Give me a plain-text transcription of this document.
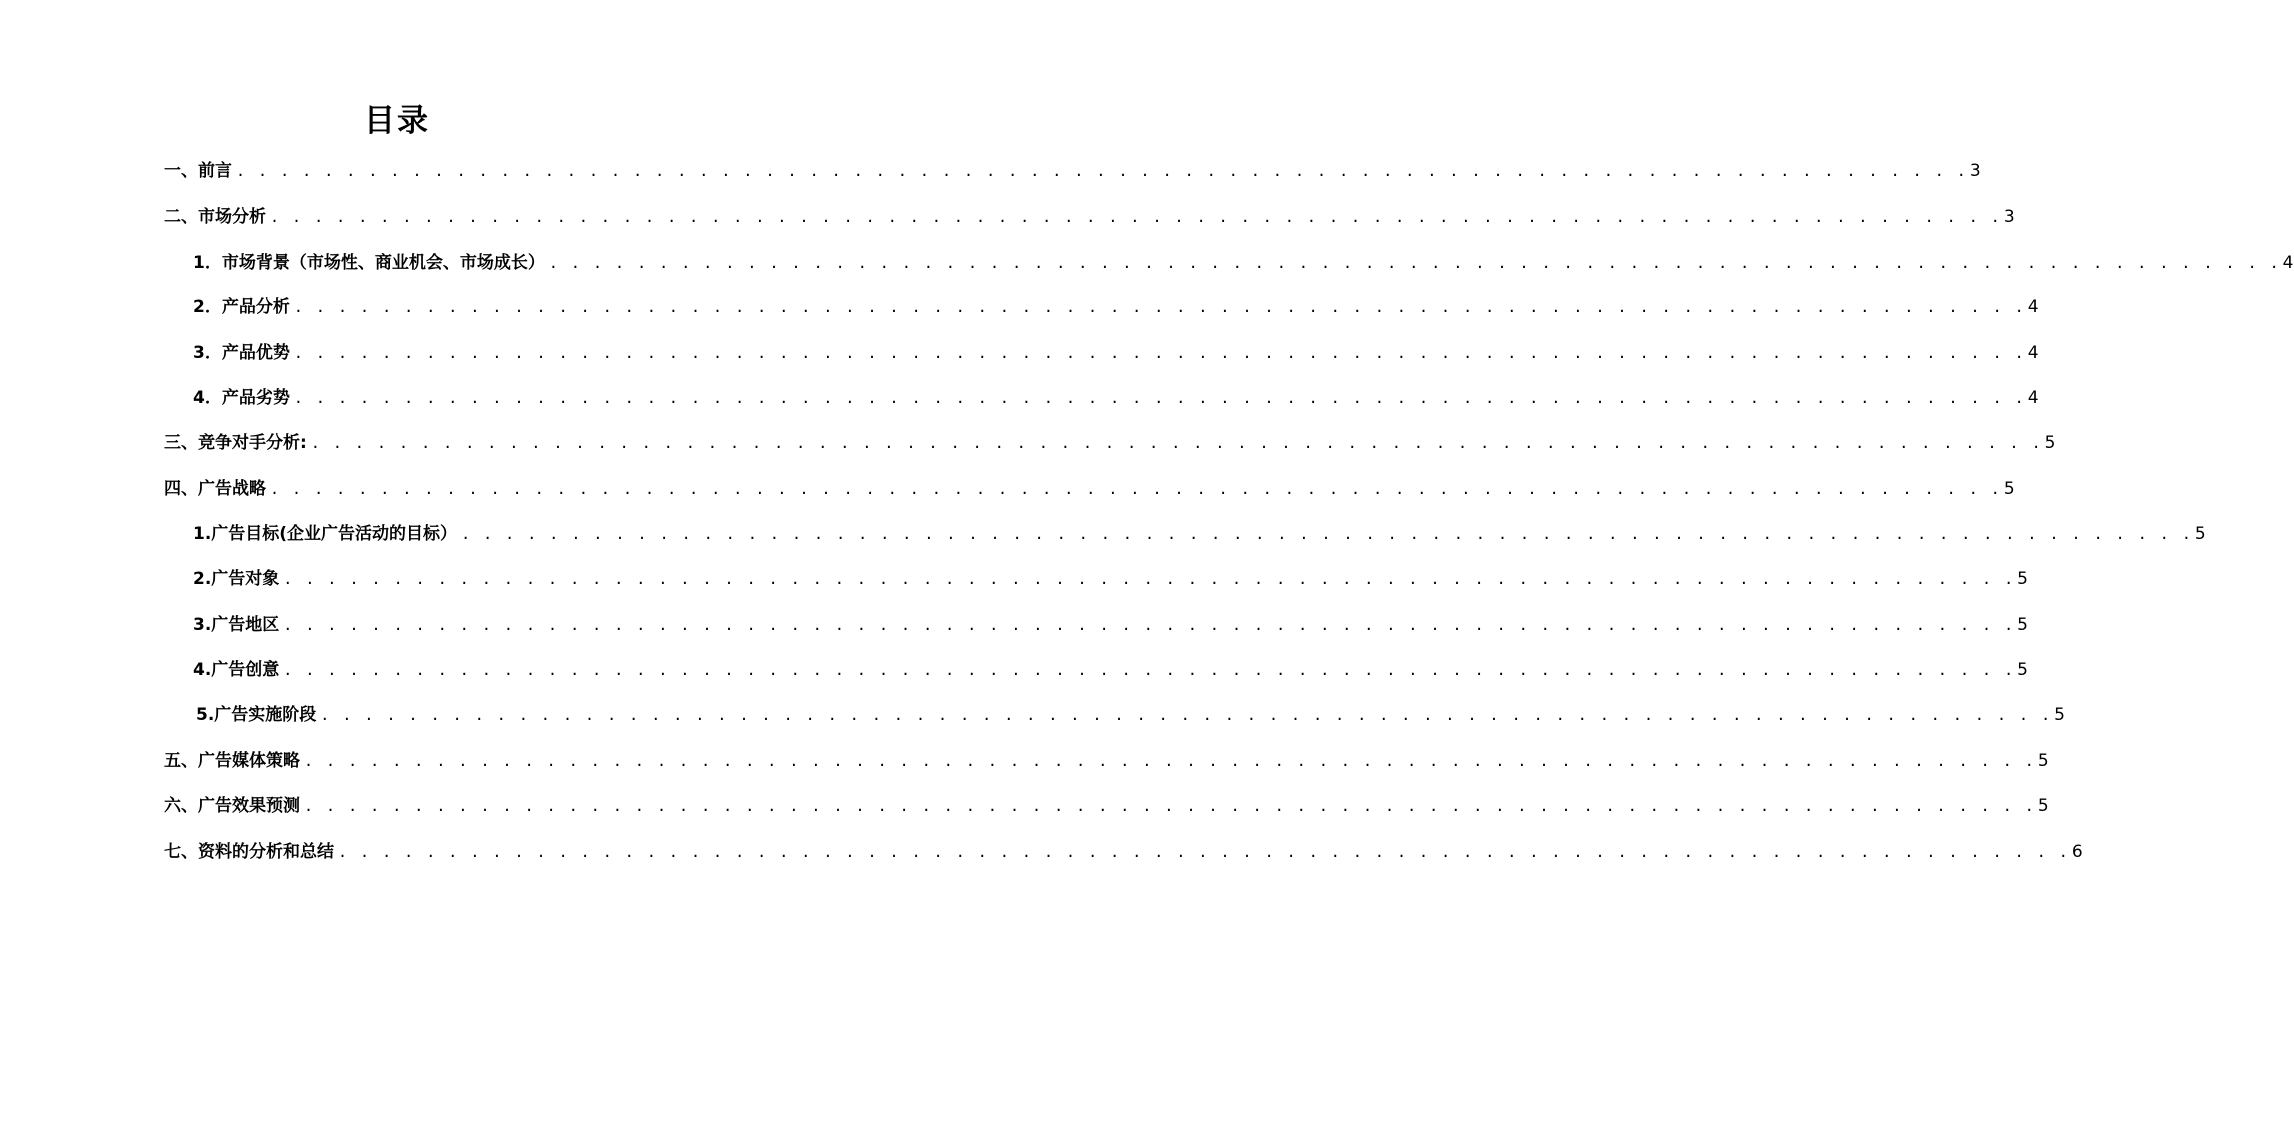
目录
一、前言 . . . . . . . . . . . . . . . . . . . . . . . . . . . . . . . . . . . . . . . . . . . . . . . . . . . . . . . . . . . . . . . . . . . . . . . . . . . . . . . 3
二、市场分析 . . . . . . . . . . . . . . . . . . . . . . . . . . . . . . . . . . . . . . . . . . . . . . . . . . . . . . . . . . . . . . . . . . . . . . . . . . . . . . . 3
1．市场背景（市场性、商业机会、市场成长） . . . . . . . . . . . . . . . . . . . . . . . . . . . . . . . . . . . . . . . . . . . . . . . . . . . . . . . . . . . . . . . . . . . . . . . . . . . . . . . 4
2．产品分析 . . . . . . . . . . . . . . . . . . . . . . . . . . . . . . . . . . . . . . . . . . . . . . . . . . . . . . . . . . . . . . . . . . . . . . . . . . . . . . . 4
3．产品优势 . . . . . . . . . . . . . . . . . . . . . . . . . . . . . . . . . . . . . . . . . . . . . . . . . . . . . . . . . . . . . . . . . . . . . . . . . . . . . . . 4
4．产品劣势 . . . . . . . . . . . . . . . . . . . . . . . . . . . . . . . . . . . . . . . . . . . . . . . . . . . . . . . . . . . . . . . . . . . . . . . . . . . . . . . 4
三、竞争对手分析: . . . . . . . . . . . . . . . . . . . . . . . . . . . . . . . . . . . . . . . . . . . . . . . . . . . . . . . . . . . . . . . . . . . . . . . . . . . . . . . 5
四、广告战略 . . . . . . . . . . . . . . . . . . . . . . . . . . . . . . . . . . . . . . . . . . . . . . . . . . . . . . . . . . . . . . . . . . . . . . . . . . . . . . . 5
1.广告目标(企业广告活动的目标） . . . . . . . . . . . . . . . . . . . . . . . . . . . . . . . . . . . . . . . . . . . . . . . . . . . . . . . . . . . . . . . . . . . . . . . . . . . . . . . 5
2.广告对象 . . . . . . . . . . . . . . . . . . . . . . . . . . . . . . . . . . . . . . . . . . . . . . . . . . . . . . . . . . . . . . . . . . . . . . . . . . . . . . . 5
3.广告地区 . . . . . . . . . . . . . . . . . . . . . . . . . . . . . . . . . . . . . . . . . . . . . . . . . . . . . . . . . . . . . . . . . . . . . . . . . . . . . . . 5
4.广告创意 . . . . . . . . . . . . . . . . . . . . . . . . . . . . . . . . . . . . . . . . . . . . . . . . . . . . . . . . . . . . . . . . . . . . . . . . . . . . . . . 5
5.广告实施阶段 . . . . . . . . . . . . . . . . . . . . . . . . . . . . . . . . . . . . . . . . . . . . . . . . . . . . . . . . . . . . . . . . . . . . . . . . . . . . . . . 5
五、广告媒体策略 . . . . . . . . . . . . . . . . . . . . . . . . . . . . . . . . . . . . . . . . . . . . . . . . . . . . . . . . . . . . . . . . . . . . . . . . . . . . . . . 5
六、广告效果预测 . . . . . . . . . . . . . . . . . . . . . . . . . . . . . . . . . . . . . . . . . . . . . . . . . . . . . . . . . . . . . . . . . . . . . . . . . . . . . . . 5
七、资料的分析和总结 . . . . . . . . . . . . . . . . . . . . . . . . . . . . . . . . . . . . . . . . . . . . . . . . . . . . . . . . . . . . . . . . . . . . . . . . . . . . . . . 6
